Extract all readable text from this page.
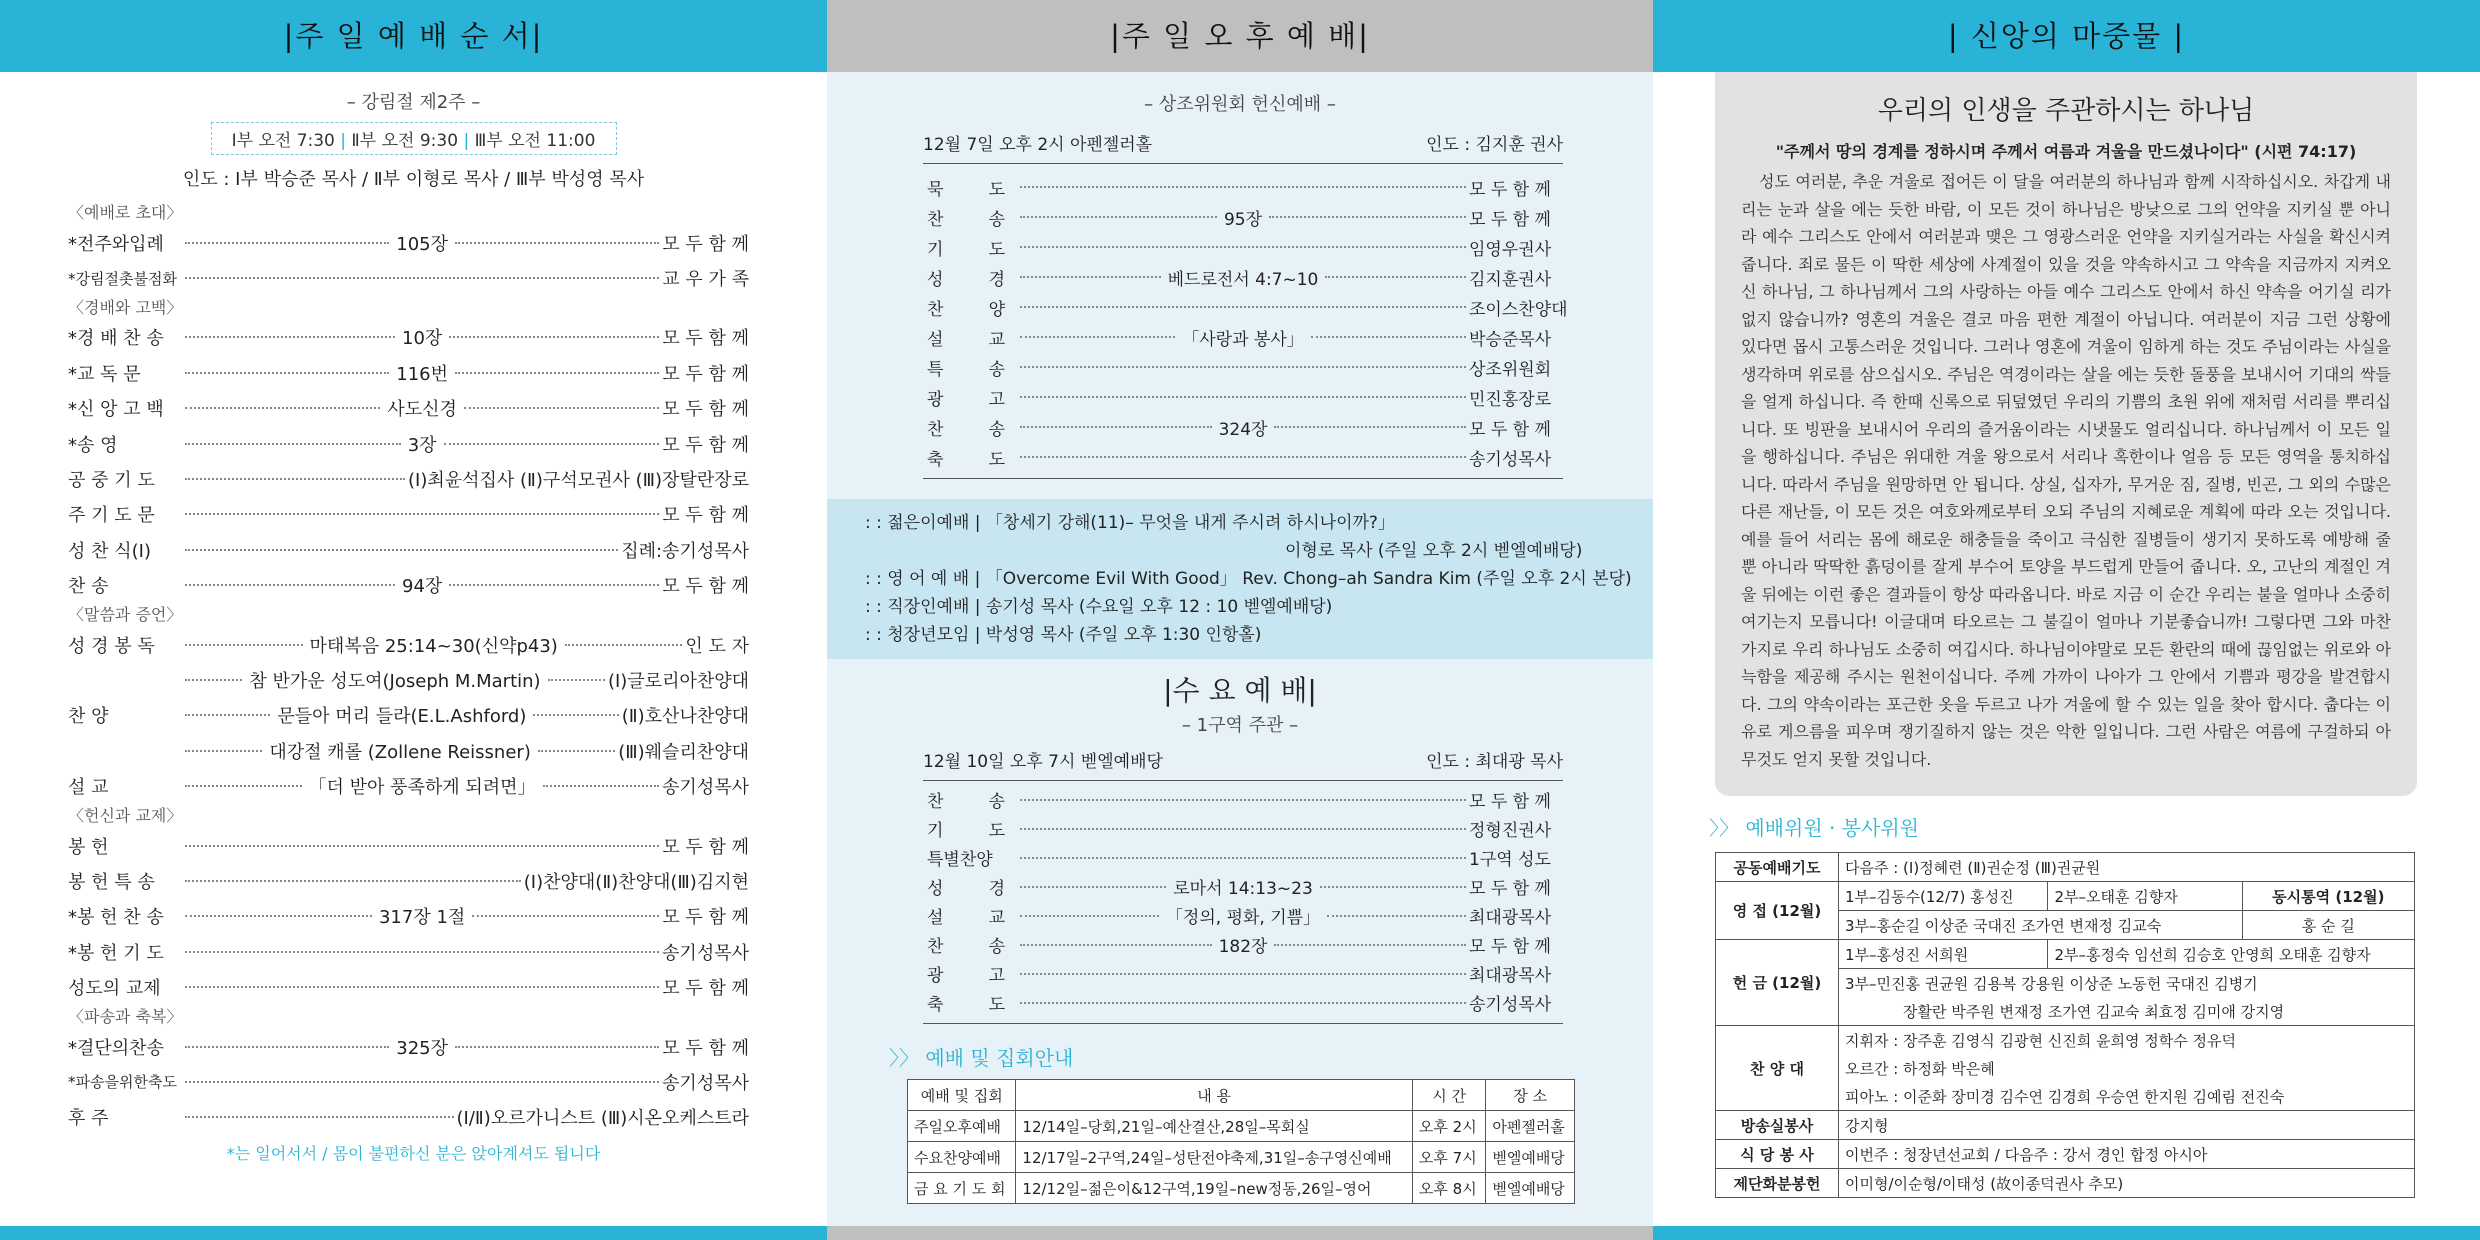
|주 일 예 배 순 서|
– 강림절 제2주 –
Ⅰ부 오전 7:30 | Ⅱ부 오전 9:30 | Ⅲ부 오전 11:00
인도 : Ⅰ부 박승준 목사 / Ⅱ부 이형로 목사 / Ⅲ부 박성영 목사
〈예배로 초대〉
*전주와입례	105장	모 두 함 께
*강림절촛불점화	교 우 가 족
〈경배와 고백〉
*경 배 찬 송	10장	모 두 함 께
*교 독 문	116번	모 두 함 께
*신 앙 고 백	사도신경	모 두 함 께
*송 영	3장	모 두 함 께
공 중 기 도	(Ⅰ)최윤석집사 (Ⅱ)구석모권사 (Ⅲ)장탈란장로
주 기 도 문	모 두 함 께
성 찬 식(Ⅰ)	집례:송기성목사
찬 송	94장	모 두 함 께
〈말씀과 증언〉
성 경 봉 독	마태복음 25:14~30(신약p43)	인 도 자
참 반가운 성도여(Joseph M.Martin)	(Ⅰ)글로리아찬양대
찬 양	문들아 머리 들라(E.L.Ashford)	(Ⅱ)호산나찬양대
대강절 캐롤 (Zollene Reissner)	(Ⅲ)웨슬리찬양대
설 교	「더 받아 풍족하게 되려면」	송기성목사
〈헌신과 교제〉
봉 헌	모 두 함 께
봉 헌 특 송	(Ⅰ)찬양대(Ⅱ)찬양대(Ⅲ)김지현
*봉 헌 찬 송	317장 1절	모 두 함 께
*봉 헌 기 도	송기성목사
성도의 교제	모 두 함 께
〈파송과 축복〉
*결단의찬송	325장	모 두 함 께
*파송을위한축도	송기성목사
후 주	(Ⅰ/Ⅱ)오르가니스트 (Ⅲ)시온오케스트라
*는 일어서서 / 몸이 불편하신 분은 앉아계셔도 됩니다
|주 일 오 후 예 배|
– 상조위원회 헌신예배 –
12월 7일 오후 2시 아펜젤러홀	인도 : 김지훈 권사
묵	도	모 두 함 께
찬	송	95장	모 두 함 께
기	도	임영우권사
성	경	베드로전서 4:7~10	김지훈권사
찬	양	조이스찬양대
설	교	「사랑과 봉사」	박승준목사
특	송	상조위원회
광	고	민진홍장로
찬	송	324장	모 두 함 께
축	도	송기성목사
: : 젊은이예배 | 「창세기 강해(11)– 무엇을 내게 주시려 하시나이까?」
이형로 목사 (주일 오후 2시 벧엘예배당)
: : 영 어 예 배 | 「Overcome Evil With Good」 Rev. Chong–ah Sandra Kim (주일 오후 2시 본당)
: : 직장인예배 | 송기성 목사 (수요일 오후 12 : 10 벧엘예배당)
: : 청장년모임 | 박성영 목사 (주일 오후 1:30 인항홀)
|수 요 예 배|
– 1구역 주관 –
12월 10일 오후 7시 벧엘예배당	인도 : 최대광 목사
찬	송	모 두 함 께
기	도	정형진권사
특별찬양	1구역 성도
성	경	로마서 14:13~23	모 두 함 께
설	교	「정의, 평화, 기쁨」	최대광목사
찬	송	182장	모 두 함 께
광	고	최대광목사
축	도	송기성목사
〉〉 예배 및 집회안내
예배 및 집회	내 용	시 간	장 소
주일오후예배	12/14일–당회,21일–예산결산,28일–목회실	오후 2시	아펜젤러홀
수요찬양예배	12/17일–2구역,24일–성탄전야축제,31일–송구영신예배	오후 7시	벧엘예배당
금 요 기 도 회	12/12일–젊은이&12구역,19일–new정동,26일–영어	오후 8시	벧엘예배당
| 신앙의 마중물 |
우리의 인생을 주관하시는 하나님
"주께서 땅의 경계를 정하시며 주께서 여름과 겨울을 만드셨나이다" (시편 74:17)
성도 여러분, 추운 겨울로 접어든 이 달을 여러분의 하나님과 함께 시작하십시오. 차갑게 내리는 눈과 살을 에는 듯한 바람, 이 모든 것이 하나님은 방낮으로 그의 언약을 지키실 뿐 아니라 예수 그리스도 안에서 여러분과 맺은 그 영광스러운 언약을 지키실거라는 사실을 확신시켜 줍니다. 죄로 물든 이 딱한 세상에 사계절이 있을 것을 약속하시고 그 약속을 지금까지 지켜오신 하나님, 그 하나님께서 그의 사랑하는 아들 예수 그리스도 안에서 하신 약속을 어기실 리가 없지 않습니까? 영혼의 겨울은 결코 마음 편한 계절이 아닙니다. 여러분이 지금 그런 상황에 있다면 몹시 고통스러운 것입니다. 그러나 영혼에 겨울이 임하게 하는 것도 주님이라는 사실을 생각하며 위로를 삼으십시오. 주님은 역경이라는 살을 에는 듯한 돌풍을 보내시어 기대의 싹들을 얼게 하십니다. 즉 한때 신록으로 뒤덮였던 우리의 기쁨의 초원 위에 재처럼 서리를 뿌리십니다. 또 빙판을 보내시어 우리의 즐거움이라는 시냇물도 얼리십니다. 하나님께서 이 모든 일을 행하십니다. 주님은 위대한 겨울 왕으로서 서리나 혹한이나 얼음 등 모든 영역을 통치하십니다. 따라서 주님을 원망하면 안 됩니다. 상실, 십자가, 무거운 짐, 질병, 빈곤, 그 외의 수많은 다른 재난들, 이 모든 것은 여호와께로부터 오되 주님의 지혜로운 계획에 따라 오는 것입니다. 예를 들어 서리는 몸에 해로운 해충들을 죽이고 극심한 질병들이 생기지 못하도록 예방해 줄 뿐 아니라 딱딱한 흙덩이를 잘게 부수어 토양을 부드럽게 만들어 줍니다. 오, 고난의 계절인 겨울 뒤에는 이런 좋은 결과들이 항상 따라옵니다. 바로 지금 이 순간 우리는 불을 얼마나 소중히 여기는지 모릅니다! 이글대며 타오르는 그 불길이 얼마나 기분좋습니까! 그렇다면 그와 마찬가지로 우리 하나님도 소중히 여깁시다. 하나님이야말로 모든 환란의 때에 끊임없는 위로와 아늑함을 제공해 주시는 원천이십니다. 주께 가까이 나아가 그 안에서 기쁨과 평강을 발견합시다. 그의 약속이라는 포근한 옷을 두르고 나가 겨울에 할 수 있는 일을 찾아 합시다. 춥다는 이유로 게으름을 피우며 쟁기질하지 않는 것은 악한 일입니다. 그런 사람은 여름에 구걸하되 아무것도 얻지 못할 것입니다.
〉〉 예배위원 · 봉사위원
공동예배기도	다음주 : (Ⅰ)정혜련 (Ⅱ)권순정 (Ⅲ)권균원		
영 접 (12월)	1부–김동수(12/7) 홍성진	2부–오태훈 김향자	동시통역 (12월)
	3부–홍순길 이상준 국대진 조가연 변재정 김교숙		홍 순 길
헌 금 (12월)	1부–홍성진 서희원	2부–홍정숙 임선희 김승호 안영희 오태훈 김향자	
	3부–민진홍 권균원 김용복 강용원 이상준 노동헌 국대진 김병기		
	장활란 박주원 변재정 조가연 김교숙 최효정 김미애 강지영		
찬 양 대	지휘자 : 장주훈 김영식 김광현 신진희 윤희영 정학수 정유덕		
	오르간 : 하정화 박은혜		
	피아노 : 이준화 장미경 김수연 김경희 우승연 한지원 김예림 전진숙		
방송실봉사	강지형		
식 당 봉 사	이번주 : 청장년선교회 / 다음주 : 강서 경인 합정 아시아		
제단화분봉헌	이미형/이순형/이태성 (故이종덕권사 추모)		
